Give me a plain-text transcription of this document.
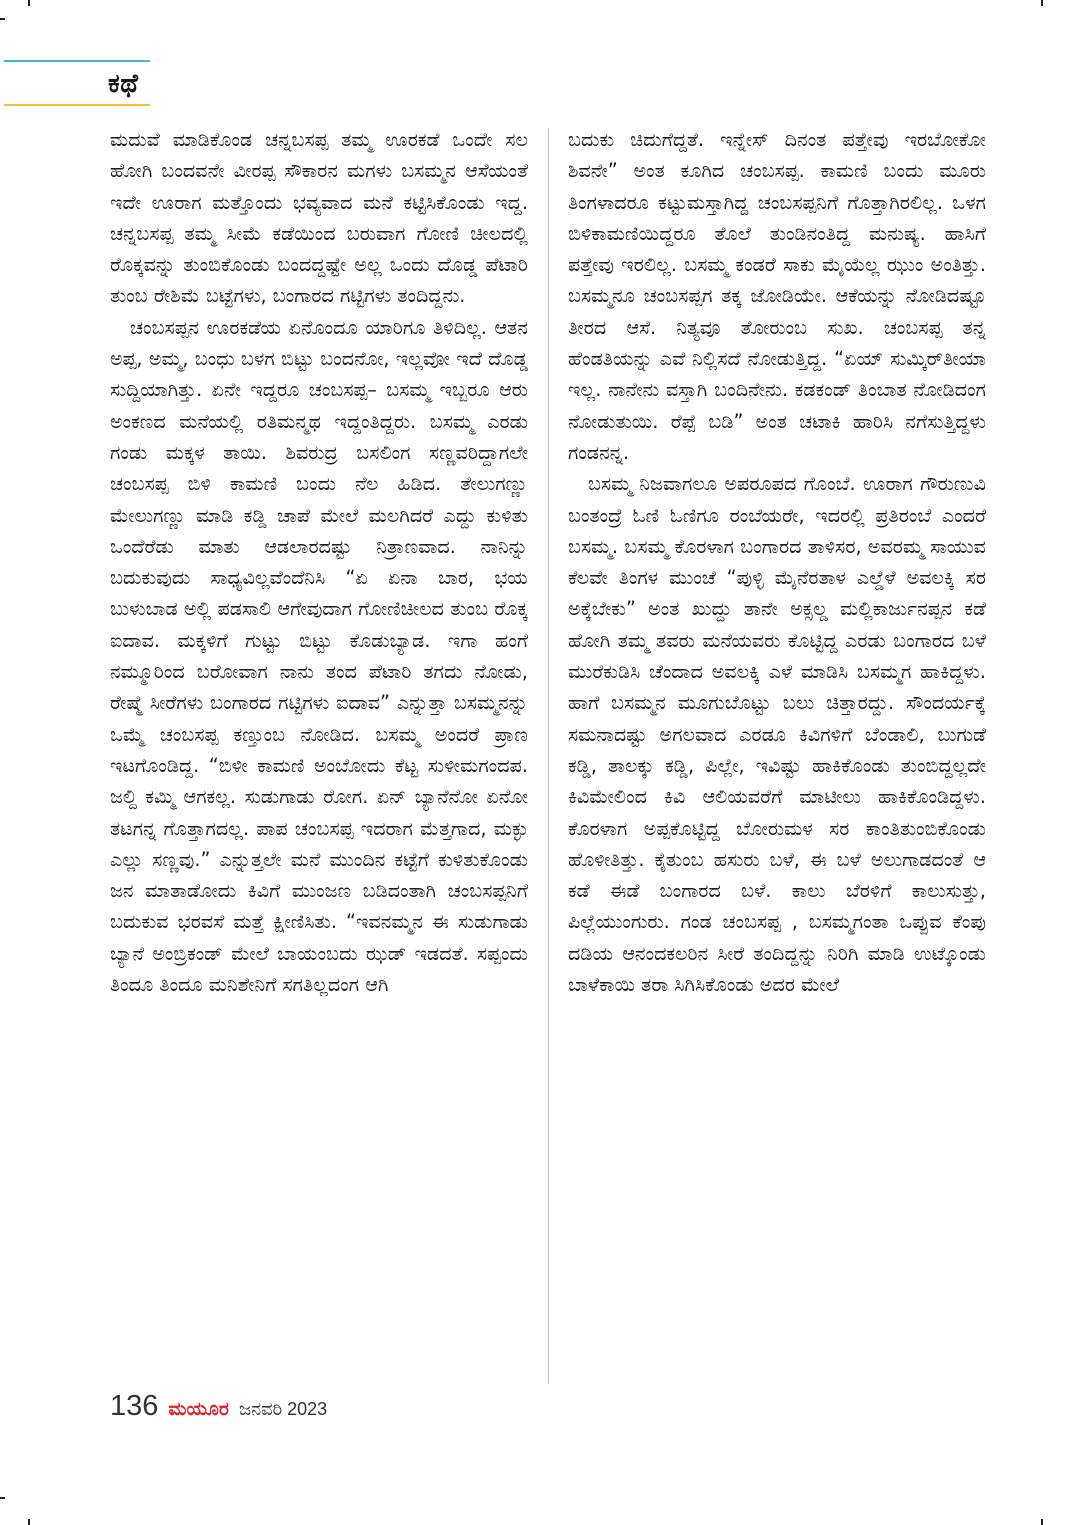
ಕಥೆ

ಮದುವೆ ಮಾಡಿಕೊಂಡ ಚನ್ನಬಸಪ್ಪ ತಮ್ಮ ಊರಕಡೆ ಒಂದೇ ಸಲ ಹೋಗಿ ಬಂದವನೇ ವೀರಪ್ಪ ಸೌಕಾರನ ಮಗಳು ಬಸಮ್ಮನ ಆಸೆಯಂತೆ ಇದೇ ಊರಾಗ ಮತ್ತೊಂದು ಭವ್ಯವಾದ ಮನೆ ಕಟ್ಟಿಸಿಕೊಂಡು ಇದ್ದ. ಚನ್ನಬಸಪ್ಪ ತಮ್ಮ ಸೀಮೆ ಕಡೆಯಿಂದ ಬರುವಾಗ ಗೋಣಿ ಚೀಲದಲ್ಲಿ ರೊಕ್ಕವನ್ನು ತುಂಬಿಕೊಂಡು ಬಂದದ್ದಷ್ಟೇ ಅಲ್ಲ ಒಂದು ದೊಡ್ಡ ಪೆಟಾರಿ ತುಂಬ ರೇಶಿಮೆ ಬಟ್ಟೆಗಳು, ಬಂಗಾರದ ಗಟ್ಟಿಗಳು ತಂದಿದ್ದನು.

ಚಂಬಸಪ್ಪನ ಊರಕಡೆಯ ಏನೊಂದೂ ಯಾರಿಗೂ ತಿಳಿದಿಲ್ಲ. ಆತನ ಅಪ್ಪ, ಅಮ್ಮ, ಬಂಧು ಬಳಗ ಬಿಟ್ಟು ಬಂದನೋ, ಇಲ್ಲವೋ ಇದೆ ದೊಡ್ಡ ಸುದ್ದಿಯಾಗಿತ್ತು. ಏನೇ ಇದ್ದರೂ ಚಂಬಸಪ್ಪ– ಬಸಮ್ಮ ಇಬ್ಬರೂ ಆರು ಅಂಕಣದ ಮನೆಯಲ್ಲಿ ರತಿಮನ್ಮಥ ಇದ್ದಂತಿದ್ದರು. ಬಸಮ್ಮ ಎರಡು ಗಂಡು ಮಕ್ಕಳ ತಾಯಿ. ಶಿವರುದ್ರ ಬಸಲಿಂಗ ಸಣ್ಣವರಿದ್ದಾಗಲೇ ಚಂಬಸಪ್ಪ ಬಿಳಿ ಕಾಮಣಿ ಬಂದು ನೆಲ ಹಿಡಿದ. ತೇಲುಗಣ್ಣು ಮೇಲುಗಣ್ಣು ಮಾಡಿ ಕಡ್ಡಿ ಚಾಪೆ ಮೇಲೆ ಮಲಗಿದರೆ ಎದ್ದು ಕುಳಿತು ಒಂದೆರೆಡು ಮಾತು ಆಡಲಾರದಷ್ಟು ನಿತ್ರಾಣವಾದ. ನಾನಿನ್ನು ಬದುಕುವುದು ಸಾಧ್ಯವಿಲ್ಲವೆಂದೆನಿಸಿ “ಏ ಏನಾ ಬಾರ, ಭಯ ಬುಳುಬಾಡ ಅಲ್ಲಿ ಪಡಸಾಲಿ ಆಗೇವುದಾಗ ಗೋಣಿಚೀಲದ ತುಂಬ ರೊಕ್ಕ ಐದಾವ. ಮಕ್ಕಳಿಗೆ ಗುಟ್ಟು ಬಿಟ್ಟು ಕೊಡುಬ್ಯಾಡ. ಇಗಾ ಹಂಗೆ ನಮ್ಮೂರಿಂದ ಬರೋವಾಗ ನಾನು ತಂದ ಪೆಟಾರಿ ತಗದು ನೋಡು, ರೇಷ್ಮೆ ಸೀರೆಗಳು ಬಂಗಾರದ ಗಟ್ಟಿಗಳು ಐದಾವ” ಎನ್ನುತ್ತಾ ಬಸಮ್ಮನನ್ನು ಒಮ್ಮೆ ಚಂಬಸಪ್ಪ ಕಣ್ತುಂಬ ನೋಡಿದ. ಬಸಮ್ಮ ಅಂದರೆ ಪ್ರಾಣ ಇಟಗೊಂಡಿದ್ದ. “ಬಿಳೀ ಕಾಮಣಿ ಅಂಬೋದು ಕೆಟ್ಟ ಸುಳೀಮಗಂದಪ. ಜಲ್ದಿ ಕಮ್ಮಿ ಆಗಕಲ್ಲ. ಸುಡುಗಾಡು ರೋಗ. ಏನ್ ಬ್ಯಾನೆನೋ ಏನೋ ತಟಗನ್ನ ಗೊತ್ತಾಗದಲ್ಲ. ಪಾಪ ಚಂಬಸಪ್ಪ ಇದರಾಗ ಮೆತ್ತಗಾದ, ಮಕ್ಳು ಎಲ್ಲು ಸಣ್ಣವು.” ಎನ್ನುತ್ತಲೇ ಮನೆ ಮುಂದಿನ ಕಟ್ಟೆಗೆ ಕುಳಿತುಕೊಂಡು ಜನ ಮಾತಾಡೋದು ಕಿವಿಗೆ ಮುಂಜಣ ಬಡಿದಂತಾಗಿ ಚಂಬಸಪ್ಪನಿಗೆ ಬದುಕುವ ಭರವಸೆ ಮತ್ತೆ ಕ್ಷೀಣಿಸಿತು. “ಇವನಮ್ಮನ ಈ ಸುಡುಗಾಡು ಬ್ಯಾನೆ ಅಂಬ್ರಿಕಂಡ್ ಮೇಲೆ ಬಾಯಂಬದು ಝಡ್ ಇಡದತೆ. ಸಪ್ಪಂದು ತಿಂದೂ ತಿಂದೂ ಮನಿಶೇನಿಗೆ ಸಗತಿಲ್ಲದಂಗ ಆಗಿ

ಬದುಕು ಚಿದುಗೆದ್ದತೆ. ಇನ್ನೇಸ್ ದಿನಂತ ಪತ್ತೇವು ಇರಬೋಕೋ ಶಿವನೇ” ಅಂತ ಕೂಗಿದ ಚಂಬಸಪ್ಪ. ಕಾಮಣಿ ಬಂದು ಮೂರು ತಿಂಗಳಾದರೂ ಕಟ್ಟುಮಸ್ತಾಗಿದ್ದ ಚಂಬಸಪ್ಪನಿಗೆ ಗೊತ್ತಾಗಿರಲಿಲ್ಲ. ಒಳಗ ಬಿಳಿಕಾಮಣಿಯಿದ್ದರೂ ತೊಲೆ ತುಂಡಿನಂತಿದ್ದ ಮನುಷ್ಯ. ಹಾಸಿಗೆ ಪತ್ತೇವು ಇರಲಿಲ್ಲ. ಬಸಮ್ಮ ಕಂಡರೆ ಸಾಕು ಮೈಯೆಲ್ಲ ಝುಂ ಅಂತಿತ್ತು. ಬಸಮ್ಮನೂ ಚಂಬಸಪ್ಪಗ ತಕ್ಕ ಜೋಡಿಯೇ. ಆಕೆಯನ್ನು ನೋಡಿದಷ್ಟೂ ತೀರದ ಆಸೆ. ನಿತ್ಯವೂ ತೋರುಂಬ ಸುಖ. ಚಂಬಸಪ್ಪ ತನ್ನ ಹೆಂಡತಿಯನ್ನು ಎವೆ ನಿಲ್ಲಿಸದೆ ನೋಡುತ್ತಿದ್ದ. “ಏಯ್ ಸುಮ್ಕಿರ್‌ತೀಯಾ ಇಲ್ಲ. ನಾನೇನು ವಸ್ತಾಗಿ ಬಂದಿನೇನು. ಕಡಕಂಡ್ ತಿಂಬಾತ ನೋಡಿದಂಗ ನೋಡುತುಯಿ. ರೆಪ್ಪೆ ಬಡಿ” ಅಂತ ಚಟಾಕಿ ಹಾರಿಸಿ ನಗೆಸುತ್ತಿದ್ದಳು ಗಂಡನನ್ನ.

ಬಸಮ್ಮ ನಿಜವಾಗಲೂ ಅಪರೂಪದ ಗೊಂಬೆ. ಊರಾಗ ಗೌರುಣುವಿ ಬಂತಂದ್ರೆ ಓಣಿ ಓಣಿಗೂ ರಂಬೆಯರೇ, ಇದರಲ್ಲಿ ಪ್ರತಿರಂಬೆ ಎಂದರೆ ಬಸಮ್ಮ. ಬಸಮ್ಮ ಕೊರಳಾಗ ಬಂಗಾರದ ತಾಳಿಸರ, ಅವರಮ್ಮ ಸಾಯುವ ಕೆಲವೇ ತಿಂಗಳ ಮುಂಚೆ “ಪುಳ್ಳಿ ಮೈನೆರತಾಳ ಎಲ್ಡೆಳೆ ಅವಲಕ್ಕಿ ಸರ ಅಕ್ಕೆಬೇಕು” ಅಂತ ಖುದ್ದು ತಾನೇ ಅಕ್ಸಲ್ಡ ಮಲ್ಲಿಕಾರ್ಜುನಪ್ಪನ ಕಡೆ ಹೋಗಿ ತಮ್ಮ ತವರು ಮನೆಯವರು ಕೊಟ್ಟಿದ್ದ ಎರಡು ಬಂಗಾರದ ಬಳೆ ಮುರೆಕುಡಿಸಿ ಚೆಂದಾದ ಅವಲಕ್ಕಿ ಎಳೆ ಮಾಡಿಸಿ ಬಸಮ್ಮಗ ಹಾಕಿದ್ದಳು. ಹಾಗೆ ಬಸಮ್ಮನ ಮೂಗುಬೊಟ್ಟು ಬಲು ಚಿತ್ತಾರದ್ದು. ಸೌಂದರ್ಯಕ್ಕೆ ಸಮನಾದಷ್ಟು ಅಗಲವಾದ ಎರಡೂ ಕಿವಿಗಳಿಗೆ ಬೆಂಡಾಲಿ, ಬುಗುಡೆ ಕಡ್ಡಿ, ತಾಲಕ್ಕು ಕಡ್ಡಿ, ಪಿಲ್ಲೇ, ಇವಿಷ್ಟು ಹಾಕಿಕೊಂಡು ತುಂಬಿದ್ದಲ್ಲದೇ ಕಿವಿಮೇಲಿಂದ ಕಿವಿ ಆಲಿಯವರೆಗೆ ಮಾಟೀಲು ಹಾಕಿಕೊಂಡಿದ್ದಳು. ಕೊರಳಾಗ ಅಪ್ಪಕೊಟ್ಟಿದ್ದ ಬೋರುಮಳ ಸರ ಕಾಂತಿತುಂಬಿಕೊಂಡು ಹೊಳೀತಿತ್ತು. ಕೈತುಂಬ ಹಸುರು ಬಳೆ, ಈ ಬಳೆ ಅಲುಗಾಡದಂತೆ ಆ ಕಡೆ ಈಡೆ ಬಂಗಾರದ ಬಳೆ. ಕಾಲು ಬೆರಳಿಗೆ ಕಾಲುಸುತ್ತು, ಪಿಲ್ಲೆಯುಂಗುರು. ಗಂಡ ಚಂಬಸಪ್ಪ , ಬಸಮ್ಮಗಂತಾ ಒಪ್ಪುವ ಕೆಂಪು ದಡಿಯ ಆನಂದಕಲರಿನ ಸೀರೆ ತಂದಿದ್ದನ್ನು ನಿರಿಗಿ ಮಾಡಿ ಉಟ್ಕೊಂಡು ಬಾಳೆಕಾಯಿ ತರಾ ಸಿಗಿಸಿಕೊಂಡು ಅದರ ಮೇಲೆ

136 ಮಯೂರ ಜನವರಿ 2023
